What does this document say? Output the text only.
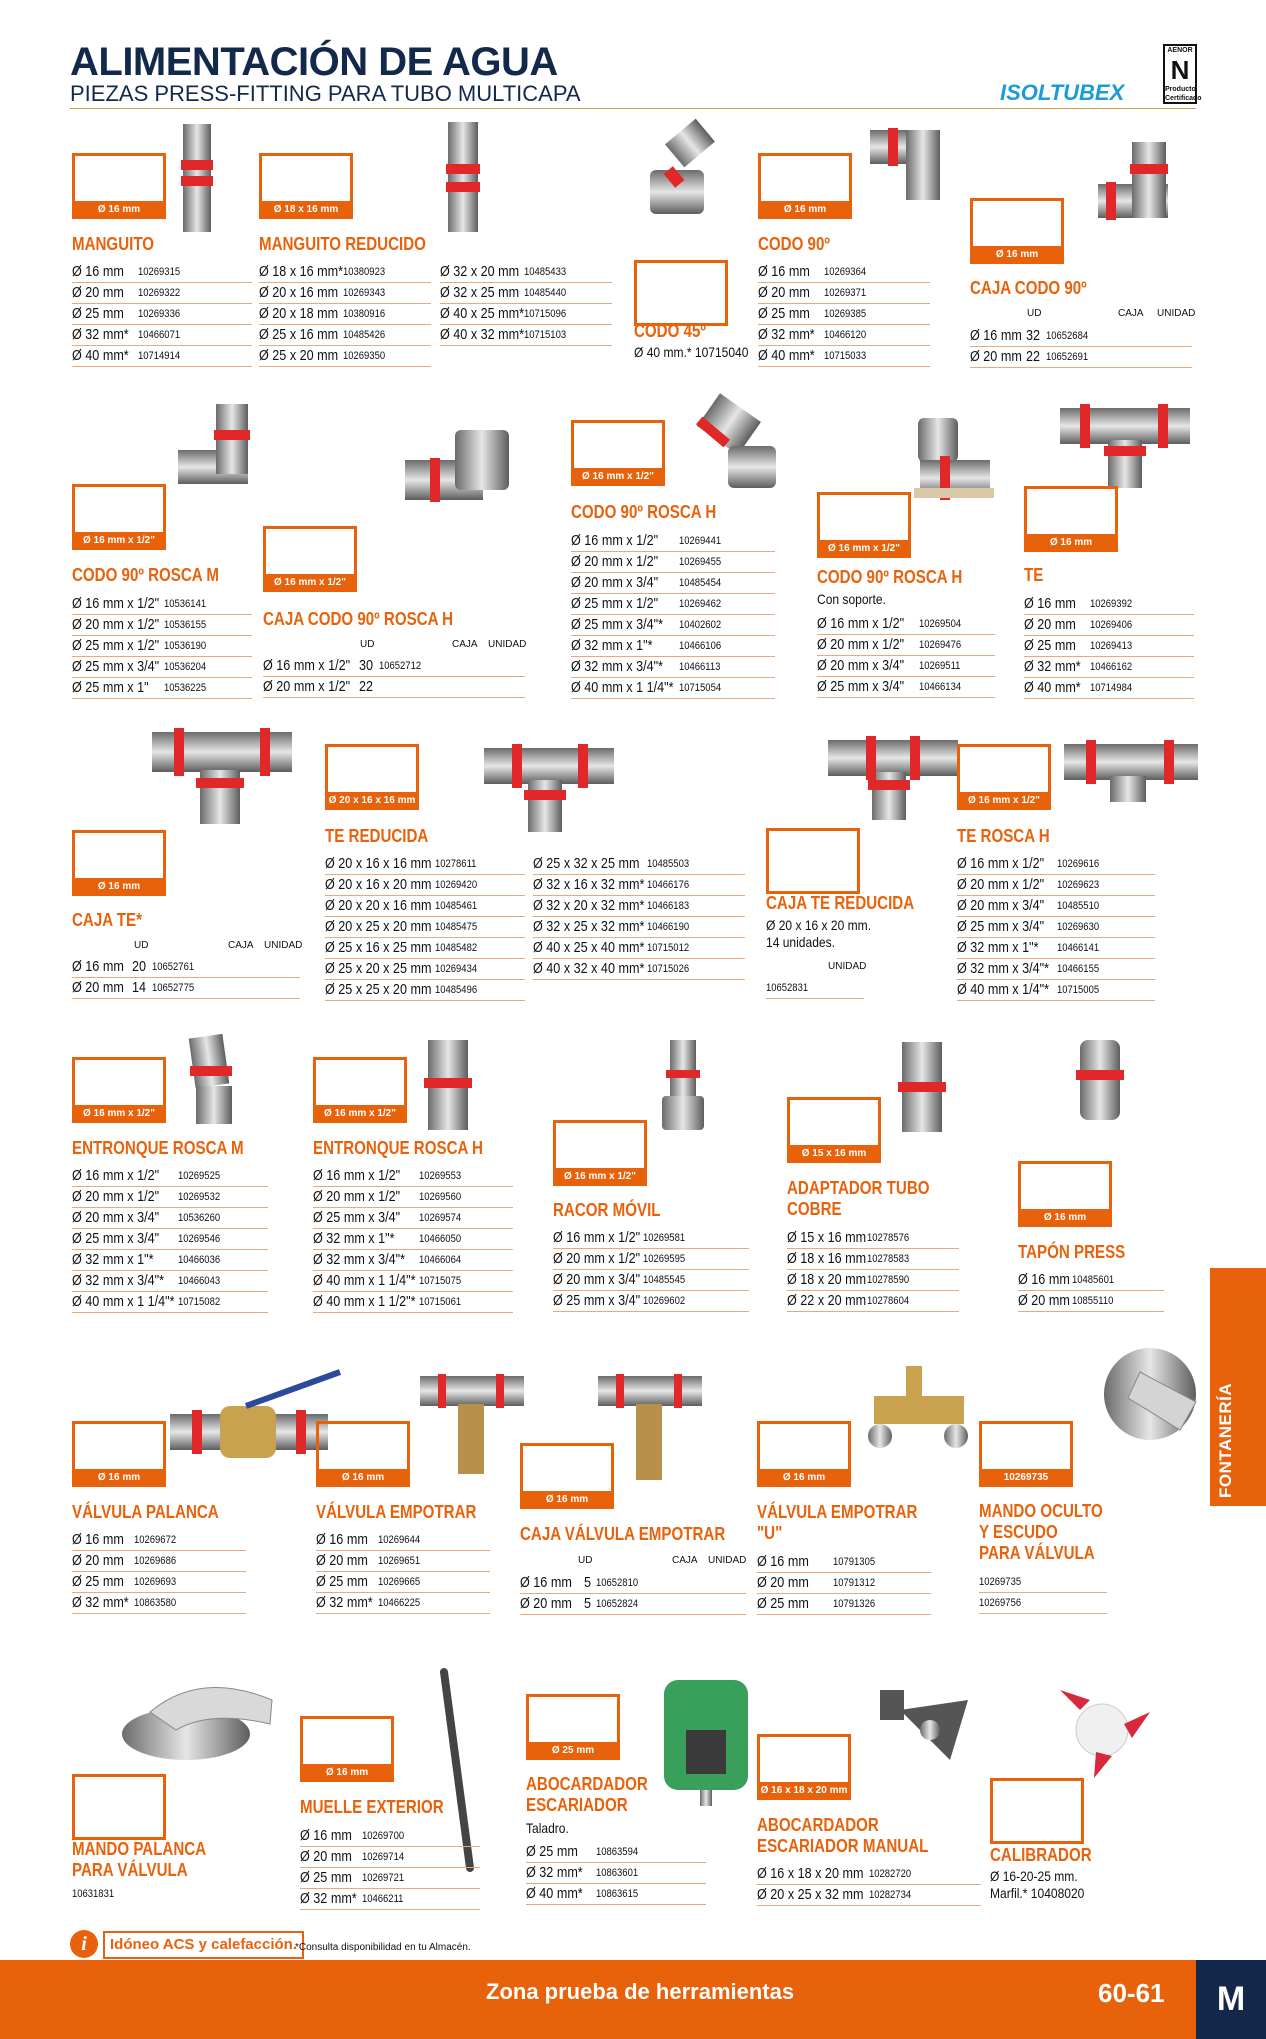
ALIMENTACIÓN DE AGUA
PIEZAS PRESS-FITTING PARA TUBO MULTICAPA	ISOLTUBEX
AENOR
N
Producto Certificado
Ø 16 mm
MANGUITO
Ø 16 mm 10269315
Ø 20 mm 10269322
Ø 25 mm 10269336
Ø 32 mm* 10466071
Ø 40 mm* 10714914
Ø 18 x 16 mm
MANGUITO REDUCIDO
Ø 18 x 16 mm* 10380923
Ø 20 x 16 mm 10269343
Ø 20 x 18 mm 10380916
Ø 25 x 16 mm 10485426
Ø 25 x 20 mm 10269350
Ø 32 x 20 mm 10485433
Ø 32 x 25 mm 10485440
Ø 40 x 25 mm* 10715096
Ø 40 x 32 mm* 10715103	CODO 45º
Ø 40 mm.* 10715040
Ø 16 mm
CODO 90º
Ø 16 mm 10269364
Ø 20 mm 10269371
Ø 25 mm 10269385
Ø 32 mm* 10466120
Ø 40 mm* 10715033
Ø 16 mm
CAJA CODO 90º
UD	CAJA UNIDAD
Ø 16 mm 32 10652684
Ø 20 mm 22 10652691
Ø 16 mm x 1/2"
CODO 90º ROSCA M
Ø 16 mm x 1/2" 10536141
Ø 20 mm x 1/2" 10536155
Ø 25 mm x 1/2" 10536190
Ø 25 mm x 3/4" 10536204
Ø 25 mm x 1" 10536225
Ø 16 mm x 1/2"
CAJA CODO 90º ROSCA H
UD	CAJA UNIDAD
Ø 16 mm x 1/2" 30 10652712
Ø 20 mm x 1/2" 22
Ø 16 mm x 1/2"
CODO 90º ROSCA H
Ø 16 mm x 1/2" 10269441
Ø 20 mm x 1/2" 10269455
Ø 20 mm x 3/4" 10485454
Ø 25 mm x 1/2" 10269462
Ø 25 mm x 3/4"* 10402602
Ø 32 mm x 1"* 10466106
Ø 32 mm x 3/4"* 10466113
Ø 40 mm x 1 1/4"* 10715054
Ø 16 mm x 1/2"
CODO 90º ROSCA H
Con soporte.
Ø 16 mm x 1/2" 10269504
Ø 20 mm x 1/2" 10269476
Ø 20 mm x 3/4" 10269511
Ø 25 mm x 3/4" 10466134
Ø 16 mm
TE
Ø 16 mm 10269392
Ø 20 mm 10269406
Ø 25 mm 10269413
Ø 32 mm* 10466162
Ø 40 mm* 10714984
Ø 16 mm
CAJA TE*
UD	CAJA UNIDAD
Ø 16 mm 20 10652761
Ø 20 mm 14 10652775
Ø 20 x 16 x 16 mm
TE REDUCIDA
Ø 20 x 16 x 16 mm 10278611
Ø 20 x 16 x 20 mm 10269420
Ø 20 x 20 x 16 mm 10485461
Ø 20 x 25 x 20 mm 10485475
Ø 25 x 16 x 25 mm 10485482
Ø 25 x 20 x 25 mm 10269434
Ø 25 x 25 x 20 mm 10485496
Ø 25 x 32 x 25 mm 10485503
Ø 32 x 16 x 32 mm* 10466176
Ø 32 x 20 x 32 mm* 10466183
Ø 32 x 25 x 32 mm* 10466190
Ø 40 x 25 x 40 mm* 10715012
Ø 40 x 32 x 40 mm* 10715026
CAJA TE REDUCIDA
Ø 20 x 16 x 20 mm.
14 unidades.
UNIDAD
10652831
Ø 16 mm x 1/2"
TE ROSCA H
Ø 16 mm x 1/2" 10269616
Ø 20 mm x 1/2" 10269623
Ø 20 mm x 3/4" 10485510
Ø 25 mm x 3/4" 10269630
Ø 32 mm x 1"* 10466141
Ø 32 mm x 3/4"* 10466155
Ø 40 mm x 1/4"* 10715005
Ø 16 mm x 1/2"
ENTRONQUE ROSCA M
Ø 16 mm x 1/2" 10269525
Ø 20 mm x 1/2" 10269532
Ø 20 mm x 3/4" 10536260
Ø 25 mm x 3/4" 10269546
Ø 32 mm x 1"* 10466036
Ø 32 mm x 3/4"* 10466043
Ø 40 mm x 1 1/4"* 10715082
Ø 16 mm x 1/2"
ENTRONQUE ROSCA H
Ø 16 mm x 1/2" 10269553
Ø 20 mm x 1/2" 10269560
Ø 25 mm x 3/4" 10269574
Ø 32 mm x 1"* 10466050
Ø 32 mm x 3/4"* 10466064
Ø 40 mm x 1 1/4"* 10715075
Ø 40 mm x 1 1/2"* 10715061
Ø 16 mm x 1/2"
RACOR MÓVIL
Ø 16 mm x 1/2" 10269581
Ø 20 mm x 1/2" 10269595
Ø 20 mm x 3/4" 10485545
Ø 25 mm x 3/4" 10269602
Ø 15 x 16 mm
ADAPTADOR TUBO
COBRE
Ø 15 x 16 mm 10278576
Ø 18 x 16 mm 10278583
Ø 18 x 20 mm 10278590
Ø 22 x 20 mm 10278604
Ø 16 mm
TAPÓN PRESS
Ø 16 mm 10485601
Ø 20 mm 10855110
Ø 16 mm
VÁLVULA PALANCA
Ø 16 mm 10269672
Ø 20 mm 10269686
Ø 25 mm 10269693
Ø 32 mm* 10863580
Ø 16 mm
VÁLVULA EMPOTRAR
Ø 16 mm 10269644
Ø 20 mm 10269651
Ø 25 mm 10269665
Ø 32 mm* 10466225
Ø 16 mm
CAJA VÁLVULA EMPOTRAR
UD	CAJA UNIDAD
Ø 16 mm 5 10652810
Ø 20 mm 5 10652824
Ø 16 mm
VÁLVULA EMPOTRAR
"U"
Ø 16 mm 10791305
Ø 20 mm 10791312
Ø 25 mm 10791326
10269735
MANDO OCULTO
Y ESCUDO
PARA VÁLVULA
10269735
10269756
MANDO PALANCA
PARA VÁLVULA
10631831
Ø 16 mm
MUELLE EXTERIOR
Ø 16 mm 10269700
Ø 20 mm 10269714
Ø 25 mm 10269721
Ø 32 mm* 10466211
Ø 25 mm
ABOCARDADOR
ESCARIADOR
Taladro.
Ø 25 mm 10863594
Ø 32 mm* 10863601
Ø 40 mm* 10863615
Ø 16 x 18 x 20 mm
ABOCARDADOR
ESCARIADOR MANUAL
Ø 16 x 18 x 20 mm 10282720
Ø 20 x 25 x 32 mm 10282734
CALIBRADOR
Ø 16-20-25 mm.
Marfil.* 10408020
FONTANERÍA
i	Idóneo ACS y calefacción.
*Consulta disponibilidad en tu Almacén.
Zona prueba de herramientas	60-61 M
